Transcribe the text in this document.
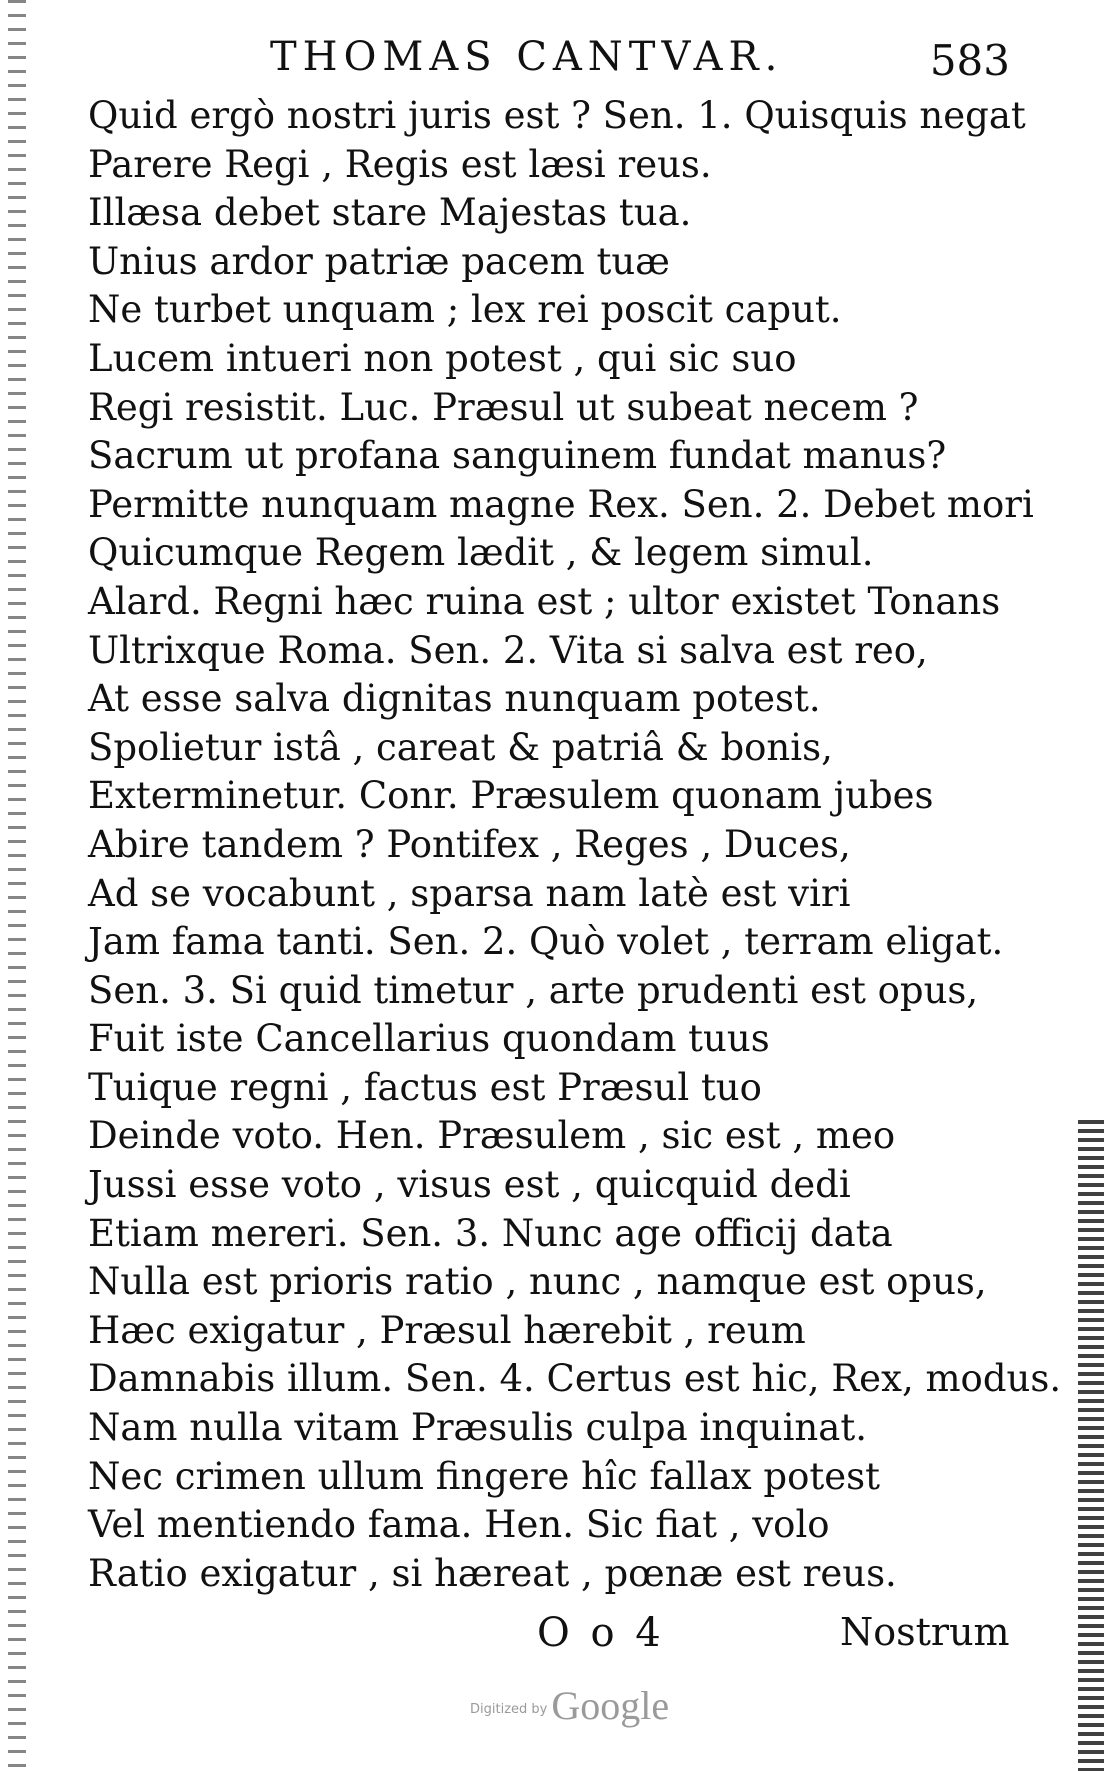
THOMAS CANTVAR.	583
Quid ergò nostri juris est ? Sen. 1. Quisquis negat
Parere Regi , Regis est læsi reus.
Illæsa debet stare Majestas tua.
Unius ardor patriæ pacem tuæ
Ne turbet unquam ; lex rei poscit caput.
Lucem intueri non potest , qui sic suo
Regi resistit. Luc. Præsul ut subeat necem ?
Sacrum ut profana sanguinem fundat manus?
Permitte nunquam magne Rex. Sen. 2. Debet mori
Quicumque Regem lædit , & legem simul.
Alard. Regni hæc ruina est ; ultor existet Tonans
Ultrixque Roma. Sen. 2. Vita si salva est reo,
At esse salva dignitas nunquam potest.
Spolietur istâ , careat & patriâ & bonis,
Exterminetur. Conr. Præsulem quonam jubes
Abire tandem ? Pontifex , Reges , Duces,
Ad se vocabunt , sparsa nam latè est viri
Jam fama tanti. Sen. 2. Quò volet , terram eligat.
Sen. 3. Si quid timetur , arte prudenti est opus,
Fuit iste Cancellarius quondam tuus
Tuique regni , factus est Præsul tuo
Deinde voto. Hen. Præsulem , sic est , meo
Jussi esse voto , visus est , quicquid dedi
Etiam mereri. Sen. 3. Nunc age officij data
Nulla est prioris ratio , nunc , namque est opus,
Hæc exigatur , Præsul hærebit , reum
Damnabis illum. Sen. 4. Certus est hic, Rex, modus.
Nam nulla vitam Præsulis culpa inquinat.
Nec crimen ullum fingere hîc fallax potest
Vel mentiendo fama. Hen. Sic fiat , volo
Ratio exigatur , si hæreat , pœnæ est reus.
O o 4	Nostrum
$^{Digitized by}$ Google
